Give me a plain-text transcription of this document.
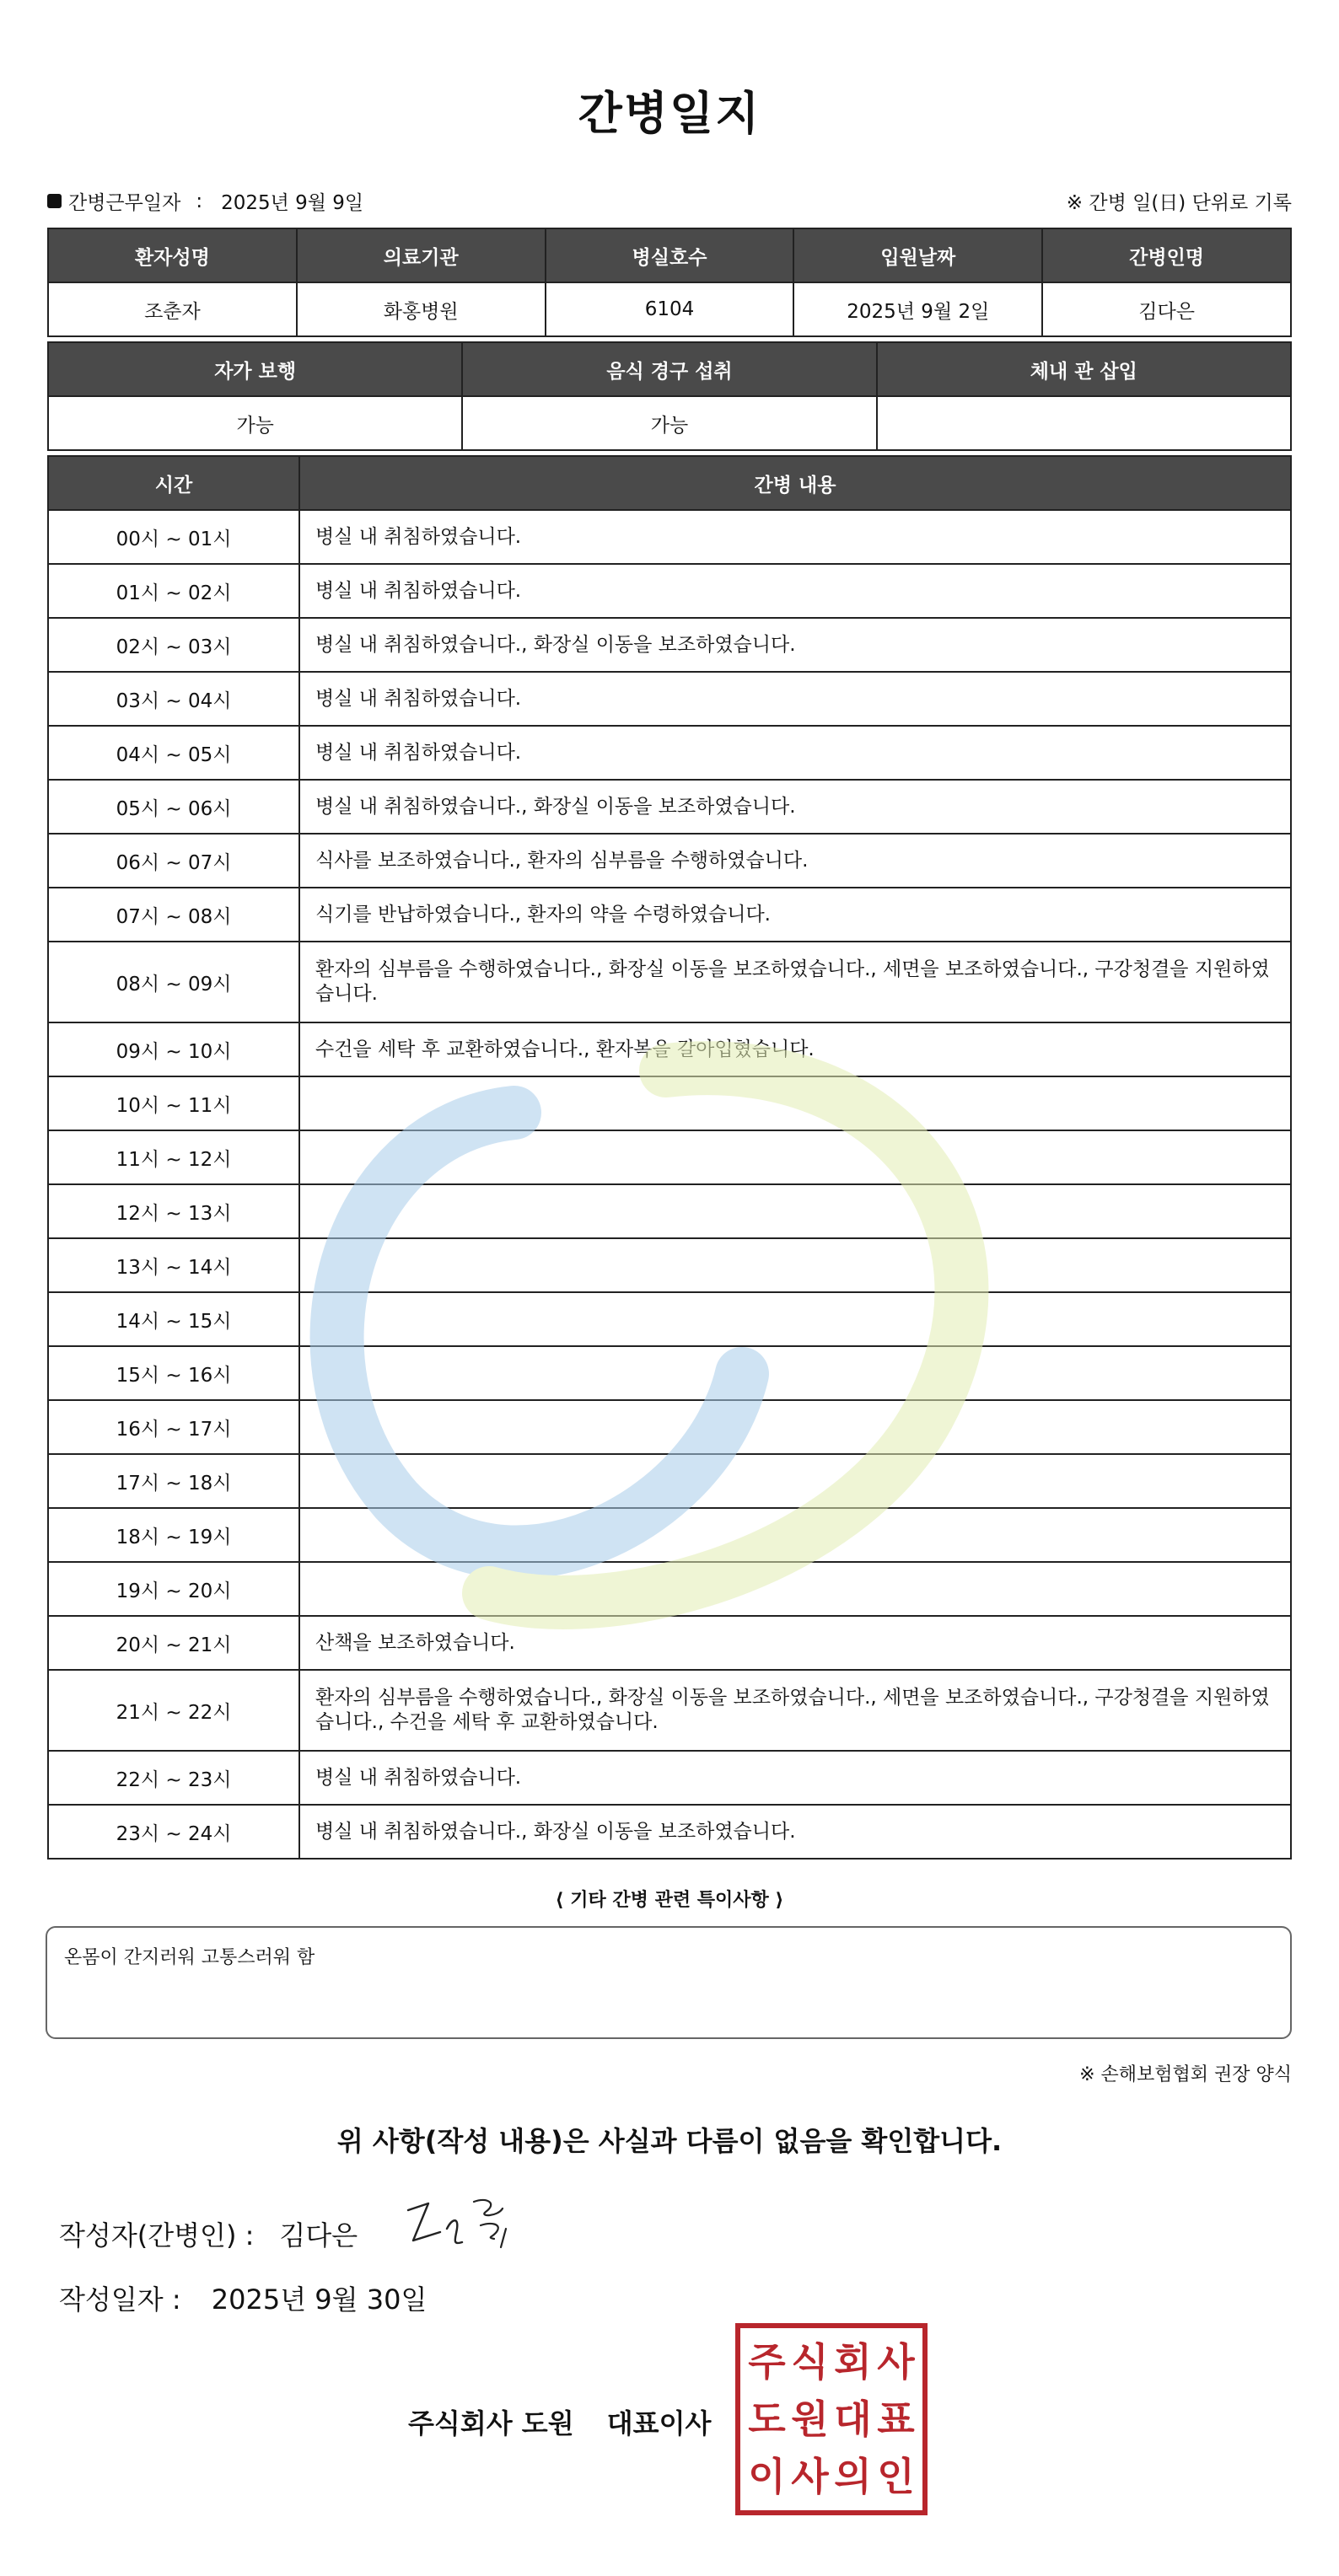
간병일지
간병근무일자 : 2025년 9월 9일	※ 간병 일(日) 단위로 기록
환자성명	의료기관	병실호수	입원날짜	간병인명
조춘자	화홍병원	6104	2025년 9월 2일	김다은
자가 보행	음식 경구 섭취	체내 관 삽입
가능	가능	
시간	간병 내용
00시 ~ 01시	병실 내 취침하였습니다.
01시 ~ 02시	병실 내 취침하였습니다.
02시 ~ 03시	병실 내 취침하였습니다., 화장실 이동을 보조하였습니다.
03시 ~ 04시	병실 내 취침하였습니다.
04시 ~ 05시	병실 내 취침하였습니다.
05시 ~ 06시	병실 내 취침하였습니다., 화장실 이동을 보조하였습니다.
06시 ~ 07시	식사를 보조하였습니다., 환자의 심부름을 수행하였습니다.
07시 ~ 08시	식기를 반납하였습니다., 환자의 약을 수령하였습니다.
08시 ~ 09시	환자의 심부름을 수행하였습니다., 화장실 이동을 보조하였습니다., 세면을 보조하였습니다., 구강청결을 지원하였습니다.
09시 ~ 10시	수건을 세탁 후 교환하였습니다., 환자복을 갈아입혔습니다.
10시 ~ 11시	
11시 ~ 12시	
12시 ~ 13시	
13시 ~ 14시	
14시 ~ 15시	
15시 ~ 16시	
16시 ~ 17시	
17시 ~ 18시	
18시 ~ 19시	
19시 ~ 20시	
20시 ~ 21시	산책을 보조하였습니다.
21시 ~ 22시	환자의 심부름을 수행하였습니다., 화장실 이동을 보조하였습니다., 세면을 보조하였습니다., 구강청결을 지원하였습니다., 수건을 세탁 후 교환하였습니다.
22시 ~ 23시	병실 내 취침하였습니다.
23시 ~ 24시	병실 내 취침하였습니다., 화장실 이동을 보조하였습니다.
⟨ 기타 간병 관련 특이사항 ⟩
온몸이 간지러워 고통스러워 함
※ 손해보험협회 권장 양식
위 사항(작성 내용)은 사실과 다름이 없음을 확인합니다.
작성자(간병인) : 김다은
작성일자 : 2025년 9월 30일
주식회사 도원 대표이사
주 식 회 사
도 원 대 표
이 사 의 인
